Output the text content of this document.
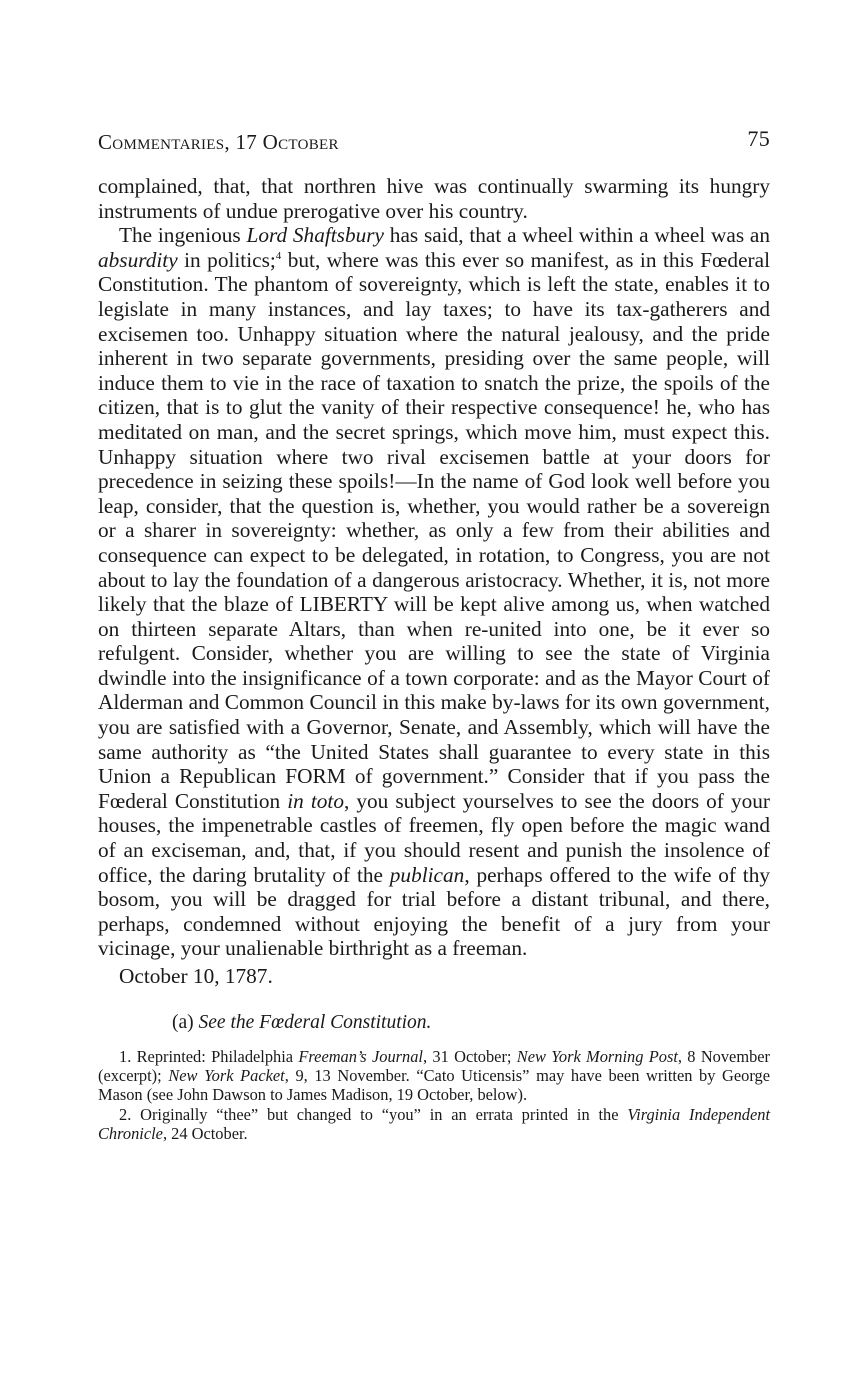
Commentaries, 17 October	75

complained, that, that northren hive was continually swarming its hungry instruments of undue prerogative over his country.

The ingenious Lord Shaftsbury has said, that a wheel within a wheel was an absurdity in politics;$^4$ but, where was this ever so manifest, as in this Fœderal Constitution. The phantom of sovereignty, which is left the state, enables it to legislate in many instances, and lay taxes; to have its tax-gatherers and excisemen too. Unhappy situation where the natural jealousy, and the pride inherent in two separate governments, presiding over the same people, will induce them to vie in the race of taxation to snatch the prize, the spoils of the citizen, that is to glut the vanity of their respective consequence! he, who has meditated on man, and the secret springs, which move him, must expect this. Unhappy situation where two rival excisemen battle at your doors for precedence in seizing these spoils!—In the name of God look well before you leap, consider, that the question is, whether, you would rather be a sovereign or a sharer in sovereignty: whether, as only a few from their abilities and consequence can expect to be delegated, in rotation, to Congress, you are not about to lay the foundation of a dangerous aristocracy. Whether, it is, not more likely that the blaze of LIBERTY will be kept alive among us, when watched on thirteen separate Altars, than when re-united into one, be it ever so refulgent. Consider, whether you are willing to see the state of Virginia dwindle into the insignificance of a town corporate: and as the Mayor Court of Alderman and Common Council in this make by-laws for its own government, you are satisfied with a Governor, Senate, and Assembly, which will have the same authority as “the United States shall guarantee to every state in this Union a Republican FORM of government.” Consider that if you pass the Fœderal Constitution in toto, you subject yourselves to see the doors of your houses, the impenetrable castles of freemen, fly open before the magic wand of an exciseman, and, that, if you should resent and punish the insolence of office, the daring brutality of the publican, perhaps offered to the wife of thy bosom, you will be dragged for trial before a distant tribunal, and there, perhaps, condemned without enjoying the benefit of a jury from your vicinage, your unalienable birthright as a freeman.

October 10, 1787.
(a) See the Fœderal Constitution.

1. Reprinted: Philadelphia Freeman’s Journal, 31 October; New York Morning Post, 8 November (excerpt); New York Packet, 9, 13 November. “Cato Uticensis” may have been written by George Mason (see John Dawson to James Madison, 19 October, below).

2. Originally “thee” but changed to “you” in an errata printed in the Virginia Independent Chronicle, 24 October.
